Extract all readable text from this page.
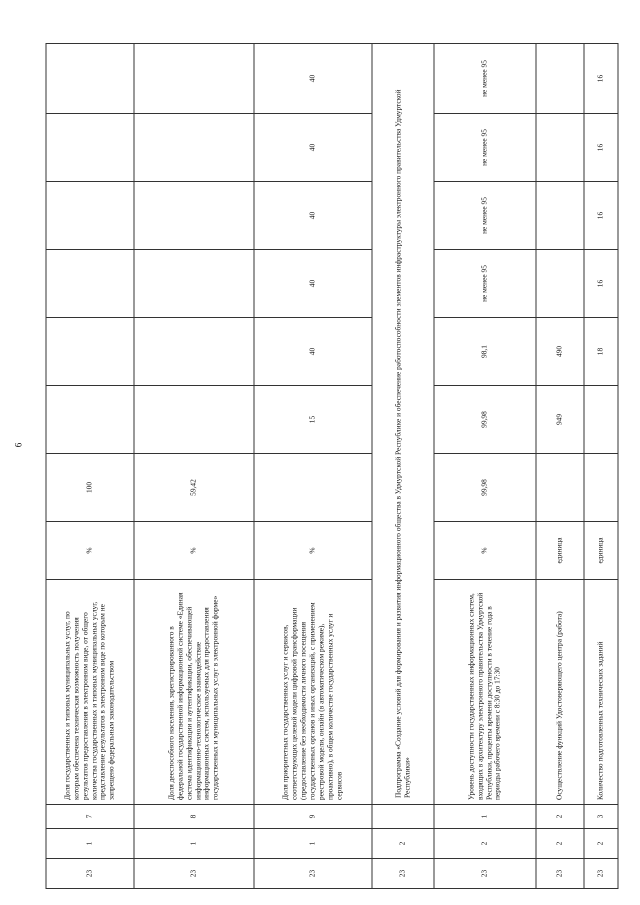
6
23	1	7	Доля государственных и типовых муниципальных услуг, по которым обеспечена техническая возможность получения результатов предоставления в электронном виде, от общего количества государственных и типовых муниципальных услуг, представление результатов в электронном виде по которым не запрещено федеральным законодательством	%	100						
23	1	8	Доля дееспособного населения, зарегистрированного в федеральной государственной информационной системе «Единая система идентификации и аутентификации, обеспечивающей информационно-технологическое взаимодействие информационных систем, используемых для предоставления государственных и муниципальных услуг в электронной форме»	%	59,42						
23	1	9	Доля приоритетных государственных услуг и сервисов, соответствующих целевой модели цифровой трансформации (предоставление без необходимости личного посещения государственных органов и иных организаций, с применением реестровой модели, онлайн (в автоматическом режиме), проактивно), в общем количестве государственных услуг и сервисов	%		15	40	40	40	40	40
23	2		Подпрограмма «Создание условий для формирования и развития информационного общества в Удмуртской Республике и обеспечение работоспособности элементов инфраструктуры электронного правительства Удмуртской Республики»								
23	2	1	Уровень доступности государственных информационных систем, входящих в архитектуру электронного правительства Удмуртской Республики, проценты времени доступности в течение года в периоды рабочего времени с 8:30 до 17:30	%	99,98	99,98	98,1	не менее 95	не менее 95	не менее 95	не менее 95
23	2	2	Осуществление функций Удостоверяющего центра (работа)	единица		949	490				
23	2	3	Количество подготовленных технических заданий	единица			18	16	16	16	16
